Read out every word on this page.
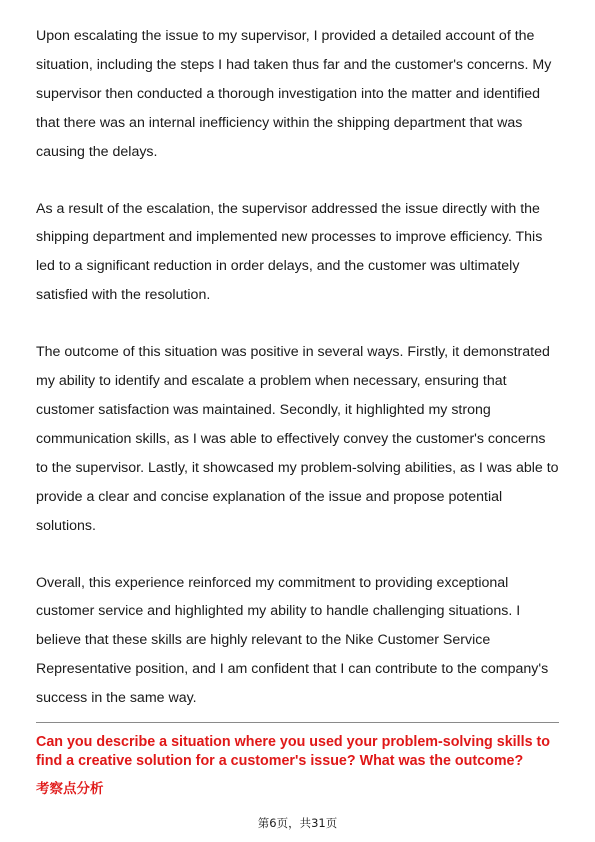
Upon escalating the issue to my supervisor, I provided a detailed account of the situation, including the steps I had taken thus far and the customer's concerns. My supervisor then conducted a thorough investigation into the matter and identified that there was an internal inefficiency within the shipping department that was causing the delays.

As a result of the escalation, the supervisor addressed the issue directly with the shipping department and implemented new processes to improve efficiency. This led to a significant reduction in order delays, and the customer was ultimately satisfied with the resolution.

The outcome of this situation was positive in several ways. Firstly, it demonstrated my ability to identify and escalate a problem when necessary, ensuring that customer satisfaction was maintained. Secondly, it highlighted my strong communication skills, as I was able to effectively convey the customer's concerns to the supervisor. Lastly, it showcased my problem-solving abilities, as I was able to provide a clear and concise explanation of the issue and propose potential solutions.

Overall, this experience reinforced my commitment to providing exceptional customer service and highlighted my ability to handle challenging situations. I believe that these skills are highly relevant to the Nike Customer Service Representative position, and I am confident that I can contribute to the company's success in the same way.

Can you describe a situation where you used your problem-solving skills to find a creative solution for a customer's issue? What was the outcome?

考察点分析

第6页，共31页
